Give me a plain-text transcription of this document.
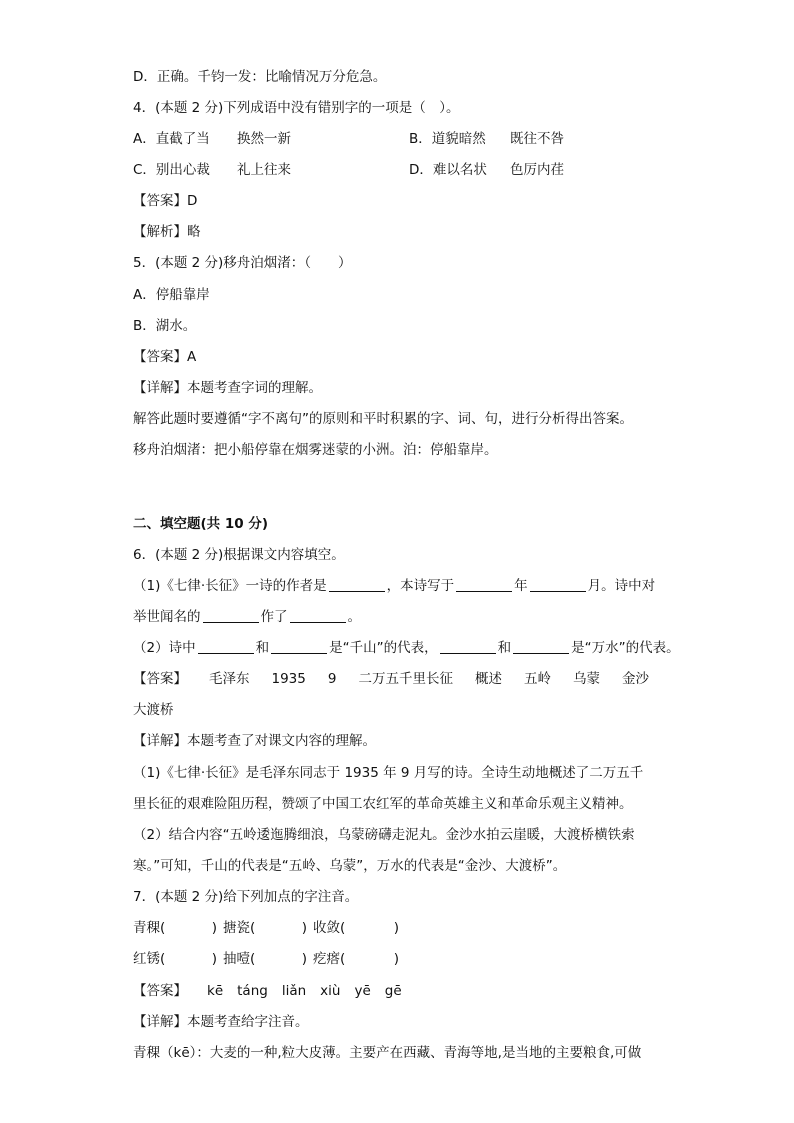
D．正确。千钧一发：比喻情况万分危急。
4．(本题 2 分)下列成语中没有错别字的一项是（　）。
A．直截了当 换然一新	B．道貌暗然 既往不咎
C．别出心裁 礼上往来	D．难以名状 色厉内荏
【答案】D
【解析】略
5．(本题 2 分)移舟泊烟渚：（　　）
A．停船靠岸
B．湖水。
【答案】A
【详解】本题考查字词的理解。
解答此题时要遵循“字不离句”的原则和平时积累的字、词、句，进行分析得出答案。
移舟泊烟渚：把小船停靠在烟雾迷蒙的小洲。泊：停船靠岸。
二、填空题(共 10 分)
6．(本题 2 分)根据课文内容填空。
（1)《七律·长征》一诗的作者是	，本诗写于	年	月。诗中对
举世闻名的	作了	。
（2）诗中	和	是“千山”的代表，	和	是“万水”的代表。
【答案】 毛泽东 1935 9 二万五千里长征 概述 五岭 乌蒙 金沙
大渡桥
【详解】本题考查了对课文内容的理解。
（1)《七律·长征》是毛泽东同志于 1935 年 9 月写的诗。全诗生动地概述了二万五千
里长征的艰难险阻历程，赞颂了中国工农红军的革命英雄主义和革命乐观主义精神。
（2）结合内容“五岭逶迤腾细浪，乌蒙磅礴走泥丸。金沙水拍云崖暖，大渡桥横铁索
寒。”可知，千山的代表是“五岭、乌蒙”，万水的代表是“金沙、大渡桥”。
7．(本题 2 分)给下列加点的字注音。
青稞(	) 搪瓷(	) 收敛(	)
红锈(	) 抽噎(	) 疙瘩(	)
【答案】 kē táng liǎn xiù yē gē
【详解】本题考查给字注音。
青稞（kē）：大麦的一种,粒大皮薄。主要产在西藏、青海等地,是当地的主要粮食,可做
